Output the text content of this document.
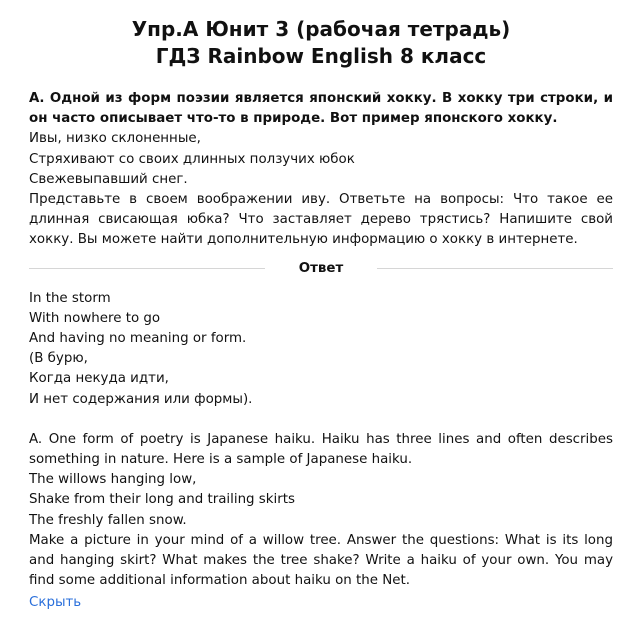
Упр.А Юнит 3 (рабочая тетрадь)
ГДЗ Rainbow English 8 класс

А. Одной из форм поэзии является японский хокку. В хокку три строки, и он часто описывает что-то в природе. Вот пример японского хокку.

Ивы, низко склоненные,

Стряхивают со своих длинных ползучих юбок

Свежевыпавший снег.

Представьте в своем воображении иву. Ответьте на вопросы: Что такое ее длинная свисающая юбка? Что заставляет дерево трястись? Напишите свой хокку. Вы можете найти дополнительную информацию о хокку в интернете.

Ответ

In the storm

With nowhere to go

And having no meaning or form.

(В бурю,

Когда некуда идти,

И нет содержания или формы).

A. One form of poetry is Japanese haiku. Haiku has three lines and often describes something in nature. Here is a sample of Japanese haiku.

The willows hanging low,

Shake from their long and trailing skirts

The freshly fallen snow.

Make a picture in your mind of a willow tree. Answer the questions: What is its long and hanging skirt? What makes the tree shake? Write a haiku of your own. You may find some additional information about haiku on the Net.

Скрыть
